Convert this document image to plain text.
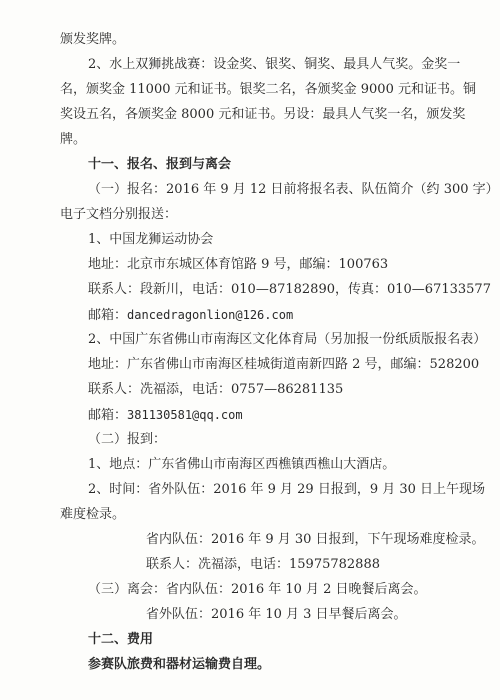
颁发奖牌。
2、水上双狮挑战赛：设金奖、银奖、铜奖、最具人气奖。金奖一
名，颁奖金 11000 元和证书。银奖二名，各颁奖金 9000 元和证书。铜
奖设五名，各颁奖金 8000 元和证书。另设：最具人气奖一名，颁发奖
牌。
十一、报名、报到与离会
（一）报名：2016 年 9 月 12 日前将报名表、队伍简介（约 300 字）
电子文档分别报送：
1、中国龙狮运动协会
地址：北京市东城区体育馆路 9 号，邮编：100763
联系人：段新川，电话：010—87182890，传真：010—67133577
邮箱：dancedragonlion@126.com
2、中国广东省佛山市南海区文化体育局（另加报一份纸质版报名表）
地址：广东省佛山市南海区桂城街道南新四路 2 号，邮编：528200
联系人：冼福添，电话：0757—86281135
邮箱：381130581@qq.com
（二）报到：
1、地点：广东省佛山市南海区西樵镇西樵山大酒店。
2、时间：省外队伍：2016 年 9 月 29 日报到，9 月 30 日上午现场
难度检录。
省内队伍：2016 年 9 月 30 日报到，下午现场难度检录。
联系人：冼福添，电话：15975782888
（三）离会：省内队伍：2016 年 10 月 2 日晚餐后离会。
省外队伍：2016 年 10 月 3 日早餐后离会。
十二、费用
参赛队旅费和器材运输费自理。
